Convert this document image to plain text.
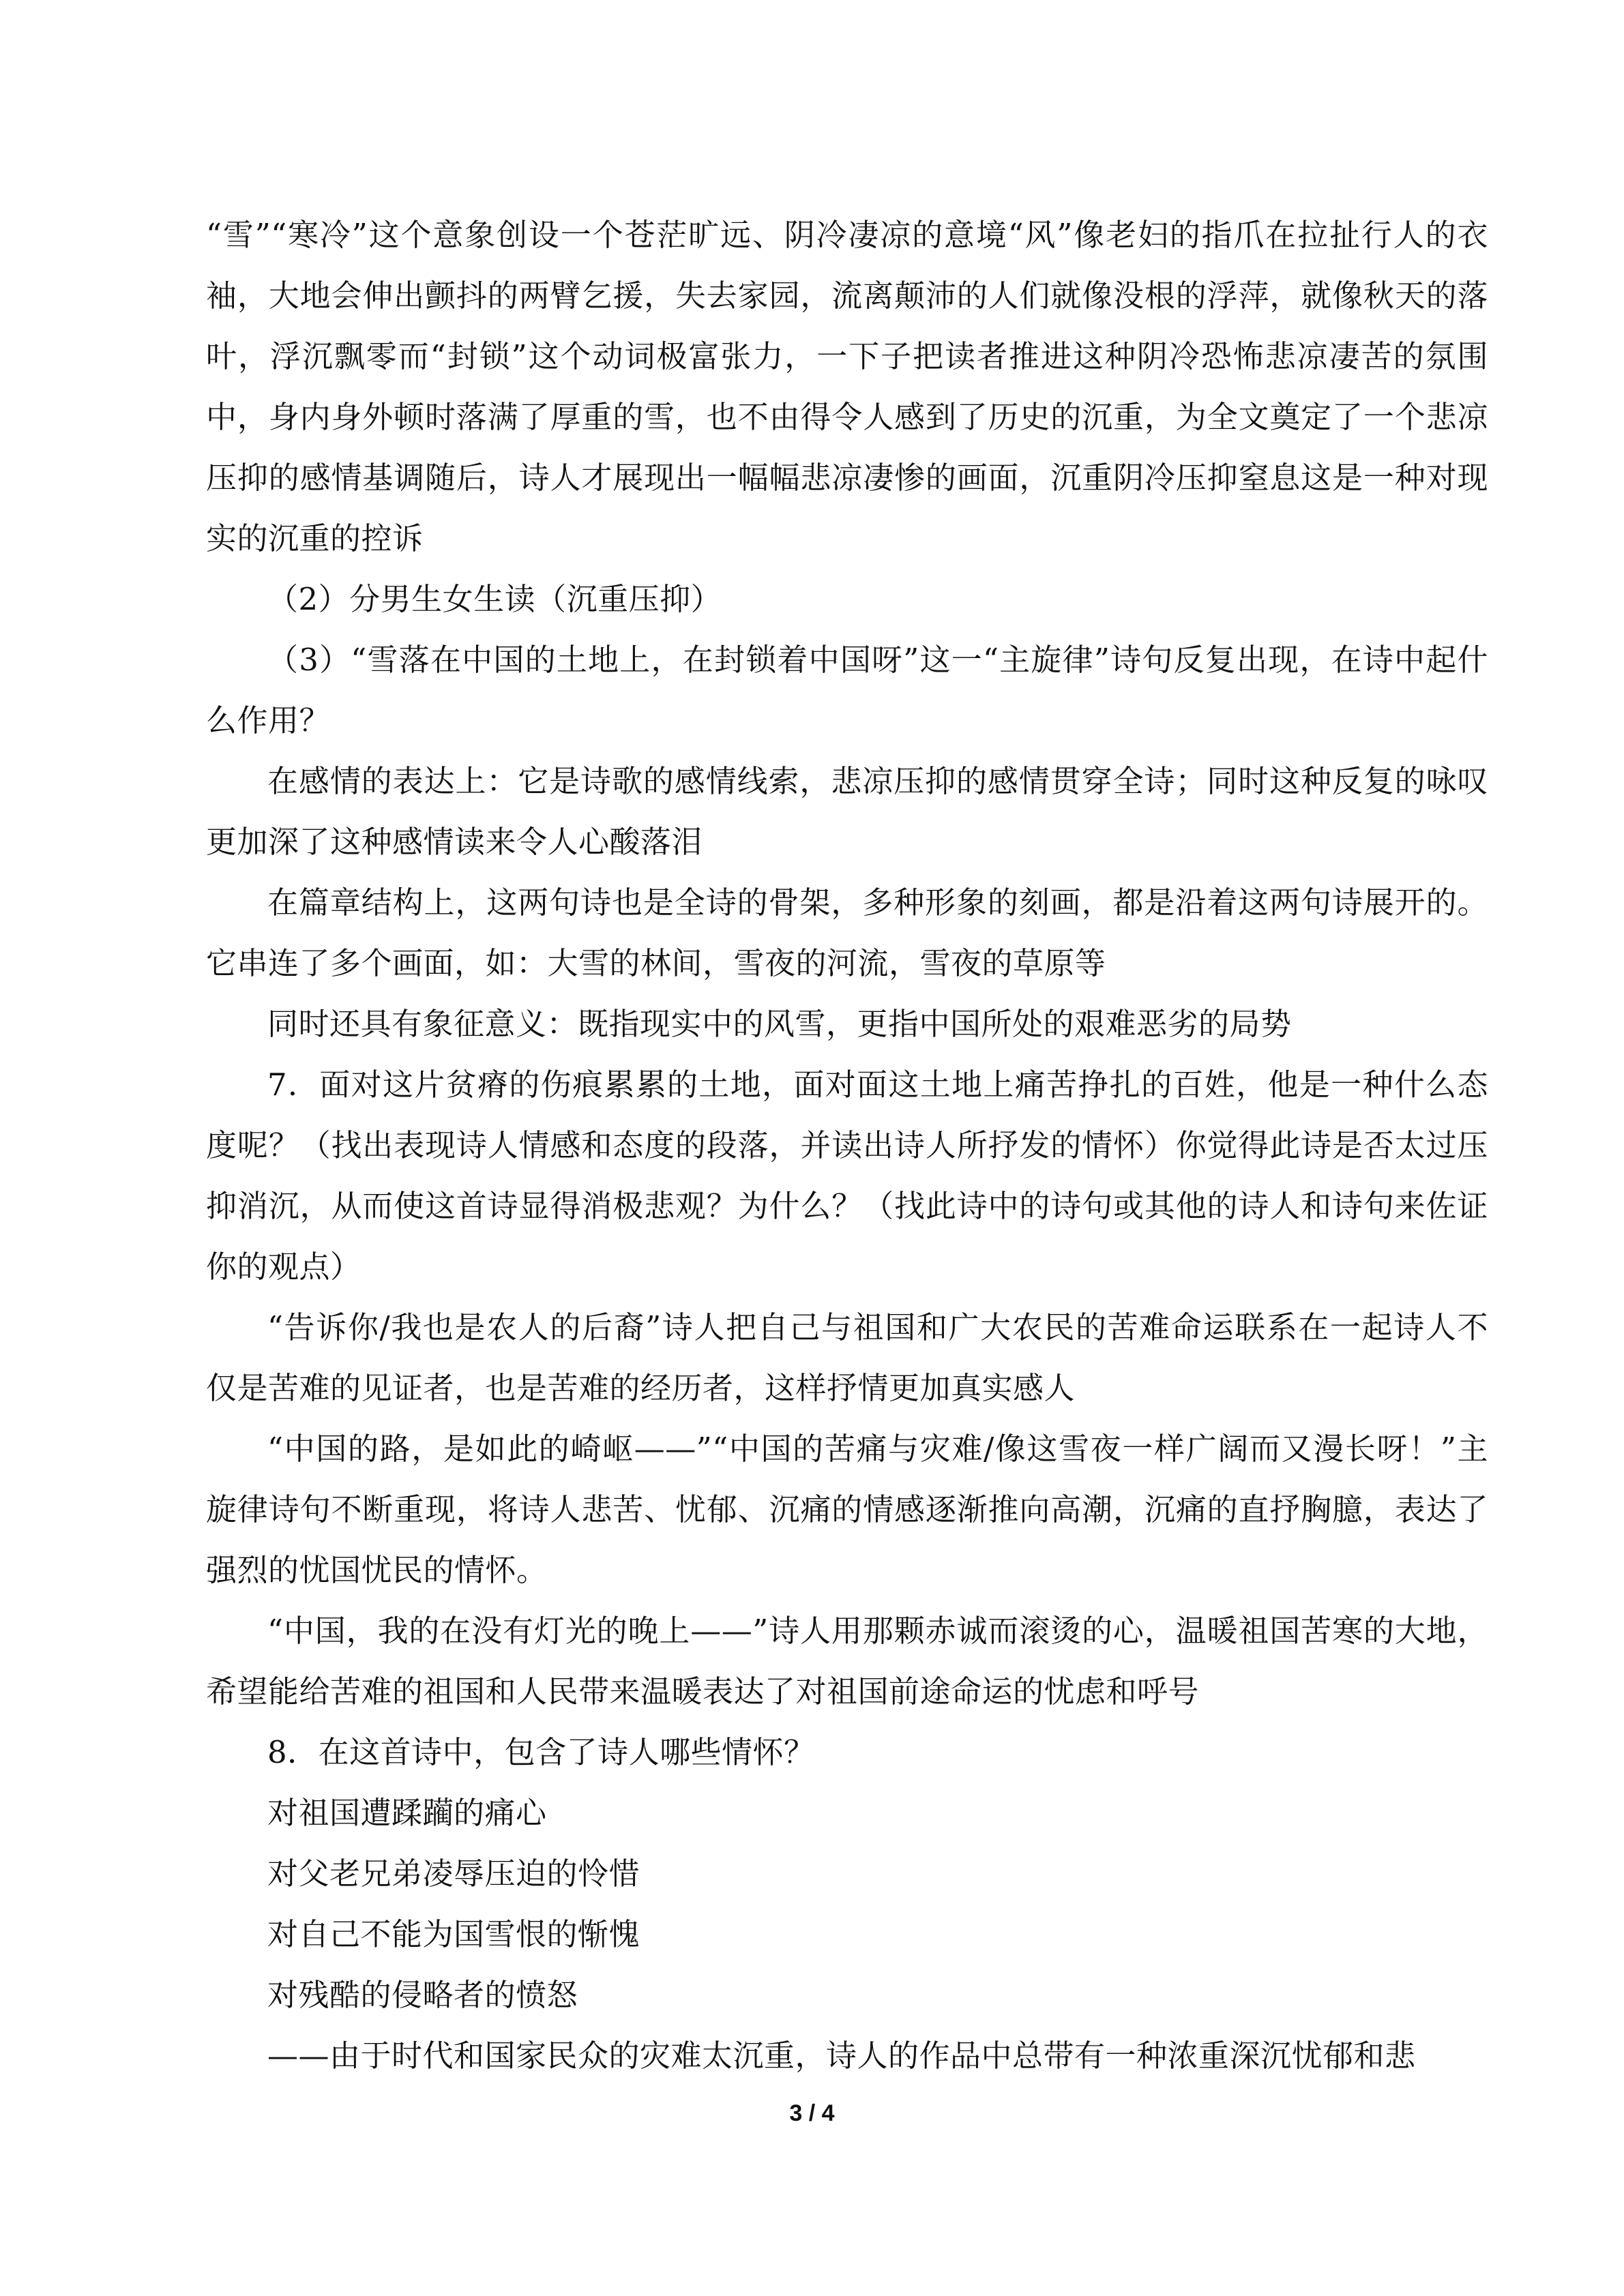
“雪”“寒冷”这个意象创设一个苍茫旷远、阴冷凄凉的意境“风”像老妇的指爪在拉扯行人的衣袖，大地会伸出颤抖的两臂乞援，失去家园，流离颠沛的人们就像没根的浮萍，就像秋天的落叶，浮沉飘零而“封锁”这个动词极富张力，一下子把读者推进这种阴冷恐怖悲凉凄苦的氛围中，身内身外顿时落满了厚重的雪，也不由得令人感到了历史的沉重，为全文奠定了一个悲凉压抑的感情基调随后，诗人才展现出一幅幅悲凉凄惨的画面，沉重阴冷压抑窒息这是一种对现实的沉重的控诉

（2）分男生女生读（沉重压抑）

（3）“雪落在中国的土地上，在封锁着中国呀”这一“主旋律”诗句反复出现，在诗中起什么作用？

在感情的表达上：它是诗歌的感情线索，悲凉压抑的感情贯穿全诗；同时这种反复的咏叹更加深了这种感情读来令人心酸落泪

在篇章结构上，这两句诗也是全诗的骨架，多种形象的刻画，都是沿着这两句诗展开的。它串连了多个画面，如：大雪的林间，雪夜的河流，雪夜的草原等

同时还具有象征意义：既指现实中的风雪，更指中国所处的艰难恶劣的局势

7．面对这片贫瘠的伤痕累累的土地，面对面这土地上痛苦挣扎的百姓，他是一种什么态度呢？（找出表现诗人情感和态度的段落，并读出诗人所抒发的情怀）你觉得此诗是否太过压抑消沉，从而使这首诗显得消极悲观？为什么？（找此诗中的诗句或其他的诗人和诗句来佐证你的观点）

“告诉你/我也是农人的后裔”诗人把自己与祖国和广大农民的苦难命运联系在一起诗人不仅是苦难的见证者，也是苦难的经历者，这样抒情更加真实感人

“中国的路，是如此的崎岖——”“中国的苦痛与灾难/像这雪夜一样广阔而又漫长呀！”主旋律诗句不断重现，将诗人悲苦、忧郁、沉痛的情感逐渐推向高潮，沉痛的直抒胸臆，表达了强烈的忧国忧民的情怀。

“中国，我的在没有灯光的晚上——”诗人用那颗赤诚而滚烫的心，温暖祖国苦寒的大地，希望能给苦难的祖国和人民带来温暖表达了对祖国前途命运的忧虑和呼号

8．在这首诗中，包含了诗人哪些情怀？

对祖国遭蹂躏的痛心

对父老兄弟凌辱压迫的怜惜

对自己不能为国雪恨的惭愧

对残酷的侵略者的愤怒

——由于时代和国家民众的灾难太沉重，诗人的作品中总带有一种浓重深沉忧郁和悲

3 / 4
